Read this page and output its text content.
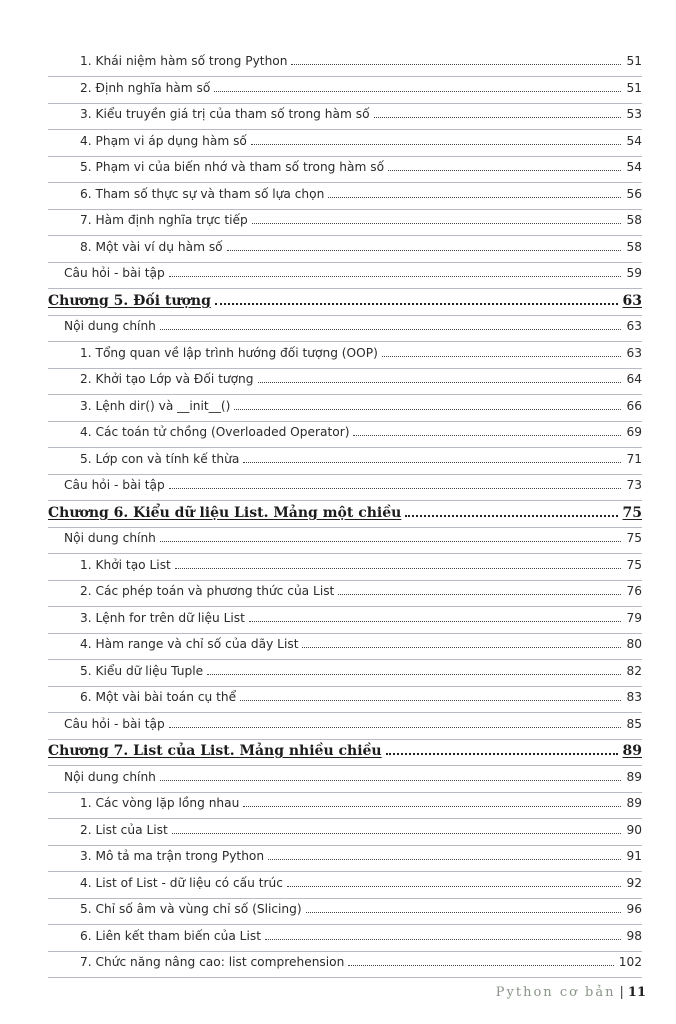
1. Khái niệm hàm số trong Python	51
2. Định nghĩa hàm số	51
3. Kiểu truyền giá trị của tham số trong hàm số	53
4. Phạm vi áp dụng hàm số	54
5. Phạm vi của biến nhớ và tham số trong hàm số	54
6. Tham số thực sự và tham số lựa chọn	56
7. Hàm định nghĩa trực tiếp	58
8. Một vài ví dụ hàm số	58
Câu hỏi - bài tập	59
Chương 5. Đối tượng	63
Nội dung chính	63
1. Tổng quan về lập trình hướng đối tượng (OOP)	63
2. Khởi tạo Lớp và Đối tượng	64
3. Lệnh dir() và __init__()	66
4. Các toán tử chồng (Overloaded Operator)	69
5. Lớp con và tính kế thừa	71
Câu hỏi - bài tập	73
Chương 6. Kiểu dữ liệu List. Mảng một chiều	75
Nội dung chính	75
1. Khởi tạo List	75
2. Các phép toán và phương thức của List	76
3. Lệnh for trên dữ liệu List	79
4. Hàm range và chỉ số của dãy List	80
5. Kiểu dữ liệu Tuple	82
6. Một vài bài toán cụ thể	83
Câu hỏi - bài tập	85
Chương 7. List của List. Mảng nhiều chiều	89
Nội dung chính	89
1. Các vòng lặp lồng nhau	89
2. List của List	90
3. Mô tả ma trận trong Python	91
4. List of List - dữ liệu có cấu trúc	92
5. Chỉ số âm và vùng chỉ số (Slicing)	96
6. Liên kết tham biến của List	98
7. Chức năng nâng cao: list comprehension	102
Python cơ bản | 11
